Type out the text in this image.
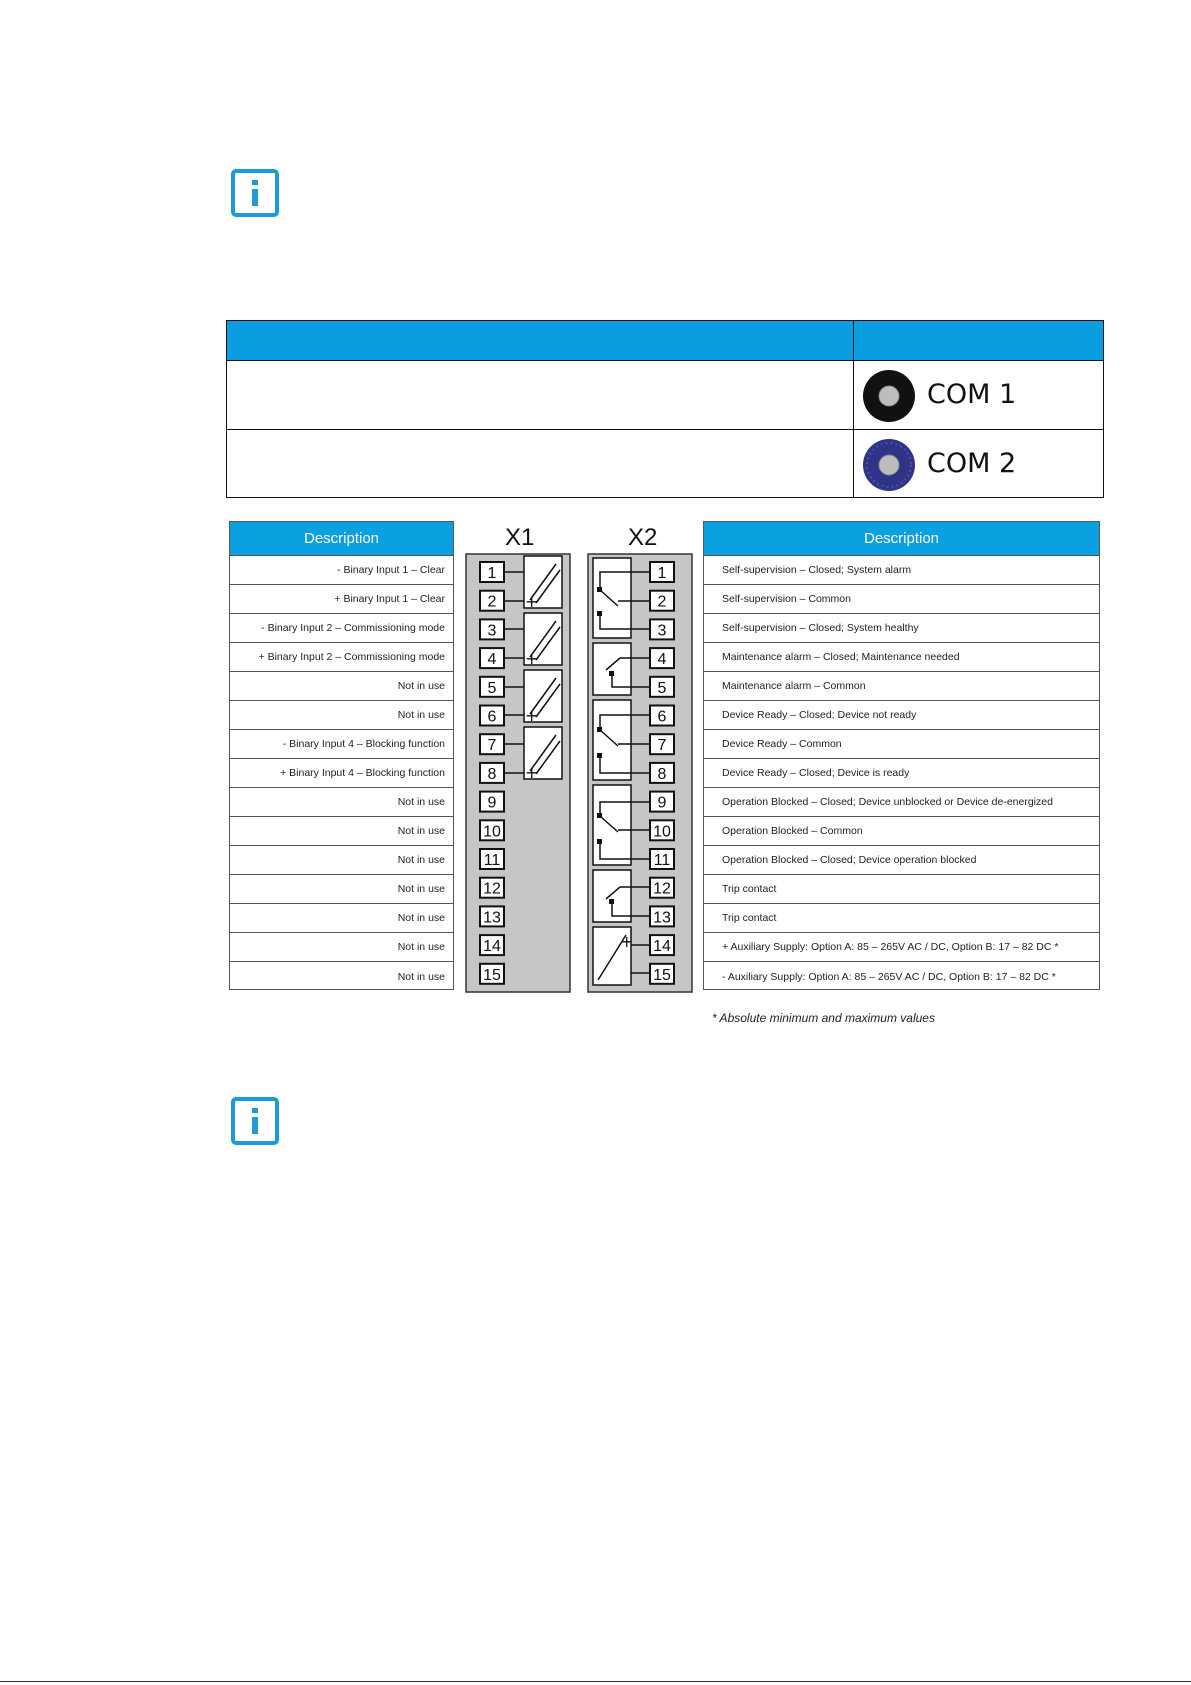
COM 1
COM 2
Description
- Binary Input 1 – Clear
+ Binary Input 1 – Clear
- Binary Input 2 – Commissioning mode
+ Binary Input 2 – Commissioning mode
Not in use
Not in use
- Binary Input 4 – Blocking function
+ Binary Input 4 – Blocking function
Not in use
Not in use
Not in use
Not in use
Not in use
Not in use
Not in use
Description
Self-supervision – Closed; System alarm
Self-supervision – Common
Self-supervision – Closed; System healthy
Maintenance alarm – Closed; Maintenance needed
Maintenance alarm – Common
Device Ready – Closed; Device not ready
Device Ready – Common
Device Ready – Closed; Device is ready
Operation Blocked – Closed; Device unblocked or Device de-energized
Operation Blocked – Common
Operation Blocked – Closed; Device operation blocked
Trip contact
Trip contact
+ Auxiliary Supply: Option A: 85 – 265V AC / DC, Option B: 17 – 82 DC *
- Auxiliary Supply: Option A: 85 – 265V AC / DC, Option B: 17 – 82 DC *
X1	X2
1
2
3
4
5
6
7
8
9
10
11
12
13
14
15
1
2
3
4
5
6
7
8
9
10
11
12
13
14
15
+
+
+
+
+
* Absolute minimum and maximum values
